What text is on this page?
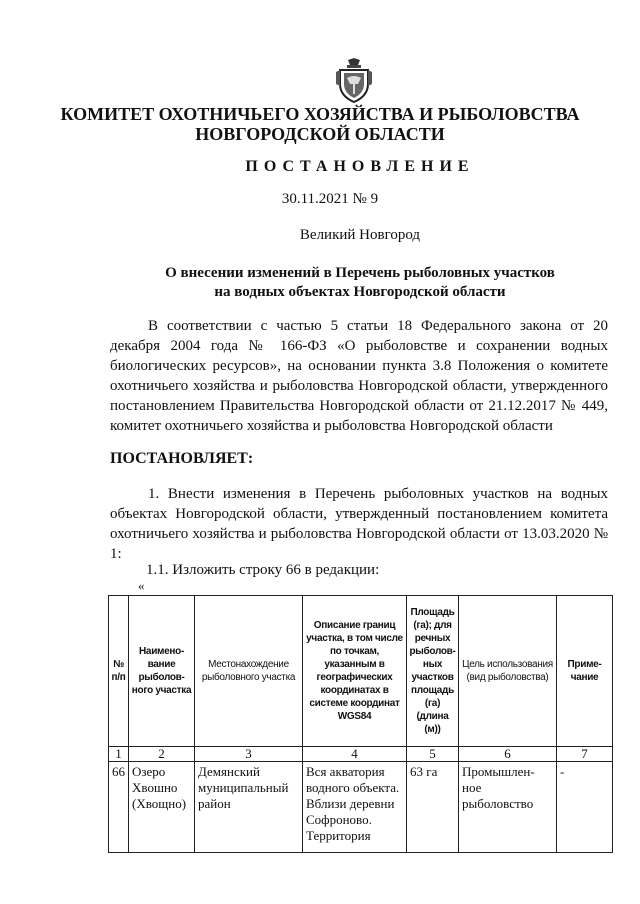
КОМИТЕТ ОХОТНИЧЬЕГО ХОЗЯЙСТВА И РЫБОЛОВСТВА
НОВГОРОДСКОЙ ОБЛАСТИ
ПОСТАНОВЛЕНИЕ
30.11.2021 № 9
Великий Новгород
О внесении изменений в Перечень рыболовных участков
на водных объектах Новгородской области

В соответствии с частью 5 статьи 18 Федерального закона от 20 декабря 2004 года № 166-ФЗ «О рыболовстве и сохранении водных биологических ресурсов», на основании пункта 3.8 Положения о комитете охотничьего хозяйства и рыболовства Новгородской области, утвержденного постановлением Правительства Новгородской области от 21.12.2017 № 449, комитет охотничьего хозяйства и рыболовства Новгородской области

ПОСТАНОВЛЯЕТ:

1. Внести изменения в Перечень рыболовных участков на водных объектах Новгородской области, утвержденный постановлением комитета охотничьего хозяйства и рыболовства Новгородской области от 13.03.2020 № 1:

1.1. Изложить строку 66 в редакции:

«

№ п/п	Наимено-вание рыболов-ного участка	Местонахождение рыболовного участка	Описание границ участка, в том числе по точкам, указанным в географических координатах в системе координат WGS84	Площадь (га); для речных рыболов-ных участков площадь (га) (длина (м))	Цель использования (вид рыболовства)	Приме-чание
1	2	3	4	5	6	7
66	Озеро Хвошно (Хвощно)	Демянский муниципальный район	Вся акватория водного объекта. Вблизи деревни Софроново. Территория	63 га	Промышлен-ное рыболовство	-
